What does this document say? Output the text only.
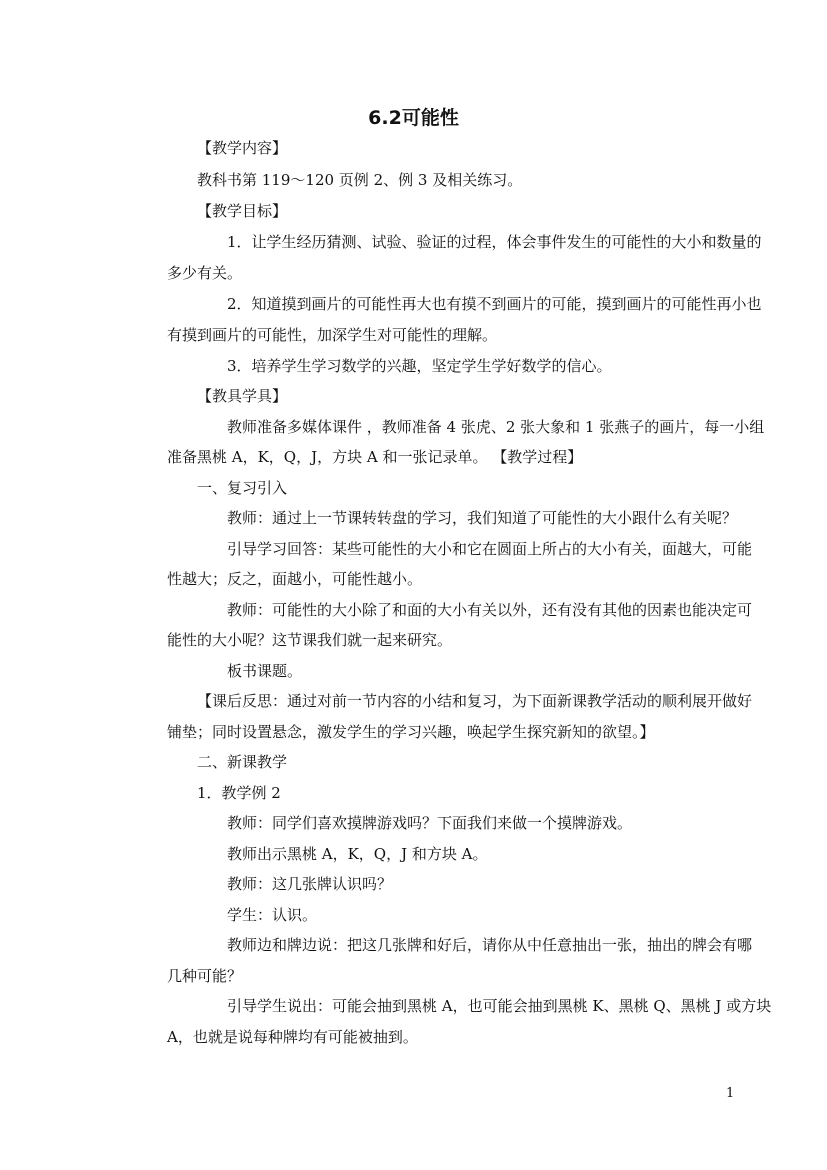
6.2可能性
【教学内容】
教科书第 119～120 页例 2、例 3 及相关练习。
【教学目标】
1．让学生经历猜测、试验、验证的过程，体会事件发生的可能性的大小和数量的
多少有关。
2．知道摸到画片的可能性再大也有摸不到画片的可能，摸到画片的可能性再小也
有摸到画片的可能性，加深学生对可能性的理解。
3．培养学生学习数学的兴趣，坚定学生学好数学的信心。
【教具学具】
教师准备多媒体课件 ，教师准备 4 张虎、2 张大象和 1 张燕子的画片，每一小组
准备黑桃 A，K，Q，J，方块 A 和一张记录单。 【教学过程】
一、复习引入
教师：通过上一节课转转盘的学习，我们知道了可能性的大小跟什么有关呢？
引导学习回答：某些可能性的大小和它在圆面上所占的大小有关，面越大，可能
性越大；反之，面越小，可能性越小。
教师：可能性的大小除了和面的大小有关以外，还有没有其他的因素也能决定可
能性的大小呢？这节课我们就一起来研究。
板书课题。
【课后反思：通过对前一节内容的小结和复习，为下面新课教学活动的顺利展开做好
铺垫；同时设置悬念，激发学生的学习兴趣，唤起学生探究新知的欲望。】
二、新课教学
1．教学例 2
教师：同学们喜欢摸牌游戏吗？下面我们来做一个摸牌游戏。
教师出示黑桃 A，K，Q，J 和方块 A。
教师：这几张牌认识吗？
学生：认识。
教师边和牌边说：把这几张牌和好后，请你从中任意抽出一张，抽出的牌会有哪
几种可能？
引导学生说出：可能会抽到黑桃 A，也可能会抽到黑桃 K、黑桃 Q、黑桃 J 或方块
A，也就是说每种牌均有可能被抽到。
1
